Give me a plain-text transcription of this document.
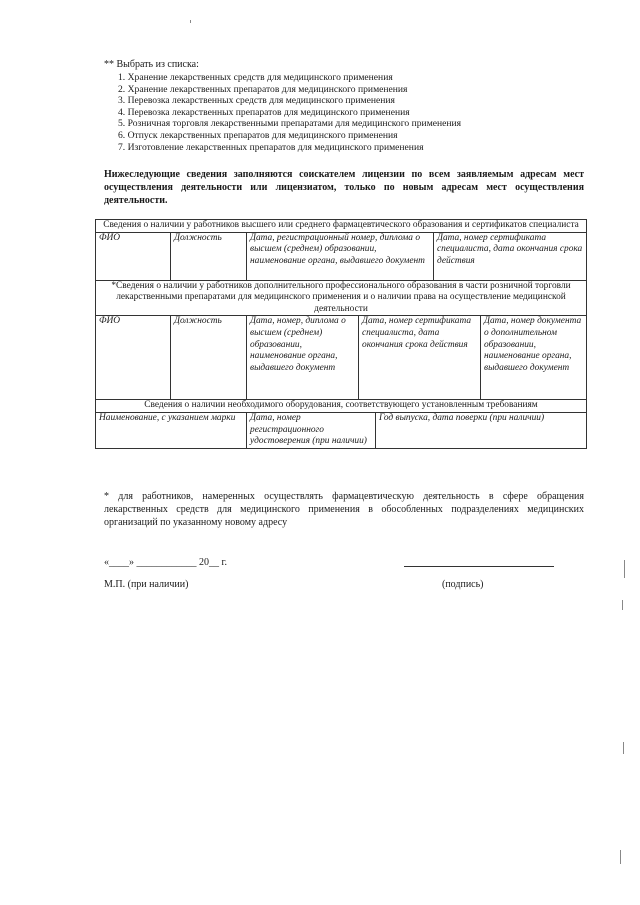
** Выбрать из списка:
1. Хранение лекарственных средств для медицинского применения
2. Хранение лекарственных препаратов для медицинского применения
3. Перевозка лекарственных средств для медицинского применения
4. Перевозка лекарственных препаратов для медицинского применения
5. Розничная торговля лекарственными препаратами для медицинского применения
6. Отпуск лекарственных препаратов для медицинского применения
7. Изготовление лекарственных препаратов для медицинского применения
Нижеследующие сведения заполняются соискателем лицензии по всем заявляемым адресам мест осуществления деятельности или лицензиатом, только по новым адресам мест осуществления деятельности.
Сведения о наличии у работников высшего или среднего фармацевтического образования и сертификатов специалиста						
ФИО	Должность	Дата, регистрационный номер, диплома о высшем (среднем) образовании, наименование органа, выдавшего документ			Дата, номер сертификата специалиста, дата окончания срока действия	
*Сведения о наличии у работников дополнительного профессионального образования в части розничной торговли лекарственными препаратами для медицинского применения и о наличии права на осуществление медицинской деятельности						
ФИО	Должность	Дата, номер, диплома о высшем (среднем) образовании, наименование органа, выдавшего документ	Дата, номер сертификата специалиста, дата окончания срока действия			Дата, номер документа о дополнительном образовании, наименование органа, выдавшего документ
Сведения о наличии необходимого оборудования, соответствующего установленным требованиям						
Наименование, с указанием марки		Дата, номер регистрационного удостоверения (при наличии)		Год выпуска, дата поверки (при наличии)		
* для работников, намеренных осуществлять фармацевтическую деятельность в сфере обращения лекарственных средств для медицинского применения в обособленных подразделениях медицинских организаций по указанному новому адресу
«____» ____________ 20__ г.
М.П. (при наличии)	(подпись)
